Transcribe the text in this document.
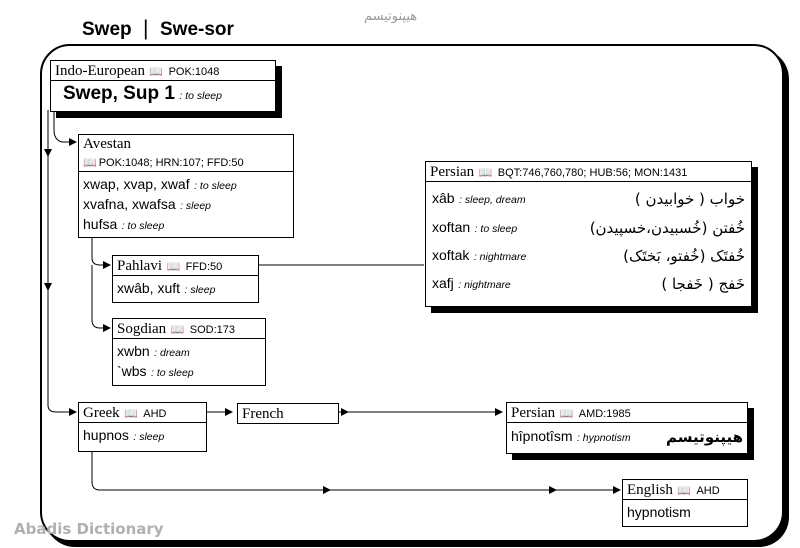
Swep | Swe-sor
هیپنوتیسم
Indo-European 📖 POK:1048
Swep, Sup 1 : to sleep
Avestan
📖 POK:1048; HRN:107; FFD:50
xwap, xvap, xwaf : to sleep
xvafna, xwafsa : sleep
hufsa : to sleep
Pahlavi 📖 FFD:50
xwâb, xuft : sleep
Sogdian 📖 SOD:173
xwbn : dream
`wbs : to sleep
Persian 📖 BQT:746,760,780; HUB:56; MON:1431
xâb : sleep, dream	خواب ( خوابیدن )
xoftan : to sleep	خُفتن (خُسبیدن،خسپیدن)
xoftak : nightmare	خُفتَک (خُفتو، بَختَک)
xafj : nightmare	خَفج ( خَفجا )
Greek 📖 AHD
hupnos : sleep
French	Persian 📖 AMD:1985
hîpnotîsm : hypnotism هیپنوتیسم
English 📖 AHD
hypnotism
Abadis Dictionary
